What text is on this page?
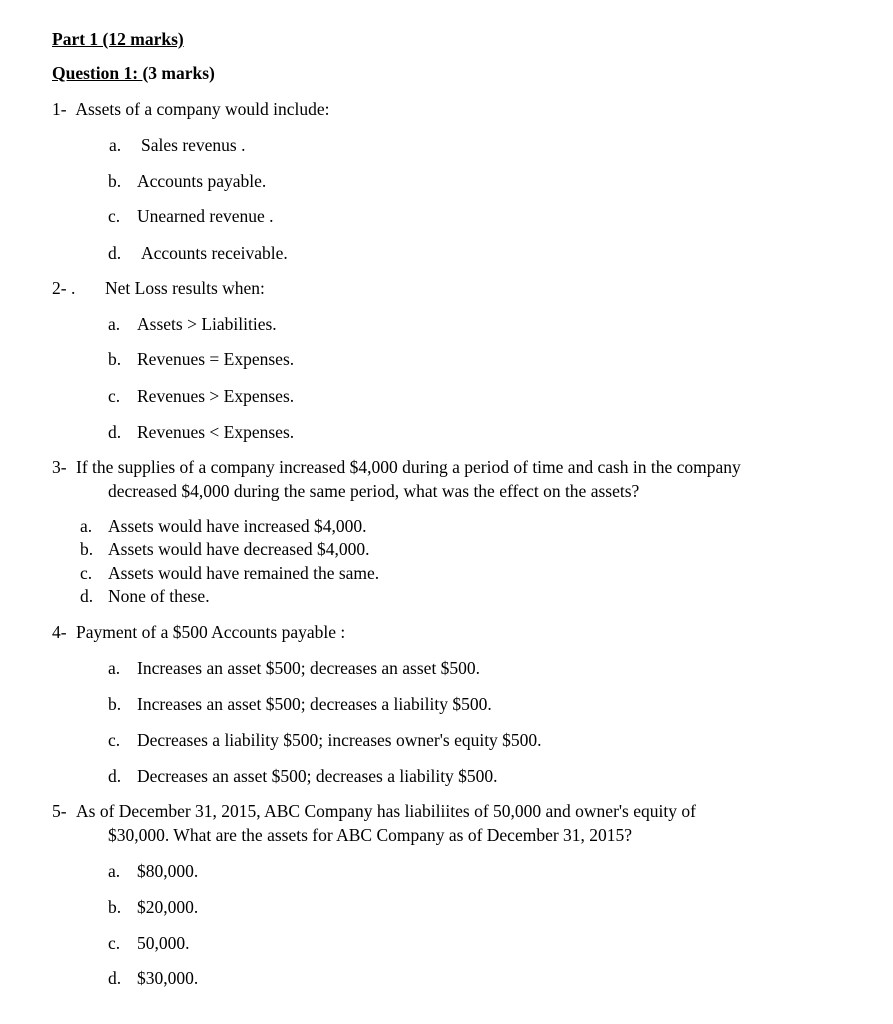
Part 1 (12 marks)
Question 1: (3 marks)
1- Assets of a company would include:
a. Sales revenus .
b. Accounts payable.
c. Unearned revenue .
d. Accounts receivable.
2- . Net Loss results when:
a. Assets > Liabilities.
b. Revenues = Expenses.
c. Revenues > Expenses.
d. Revenues < Expenses.
3- If the supplies of a company increased $4,000 during a period of time and cash in the company
decreased $4,000 during the same period, what was the effect on the assets?
a. Assets would have increased $4,000.
b. Assets would have decreased $4,000.
c. Assets would have remained the same.
d. None of these.
4- Payment of a $500 Accounts payable :
a. Increases an asset $500; decreases an asset $500.
b. Increases an asset $500; decreases a liability $500.
c. Decreases a liability $500; increases owner's equity $500.
d. Decreases an asset $500; decreases a liability $500.
5- As of December 31, 2015, ABC Company has liabiliites of 50,000 and owner's equity of
$30,000. What are the assets for ABC Company as of December 31, 2015?
a. $80,000.
b. $20,000.
c. 50,000.
d. $30,000.
